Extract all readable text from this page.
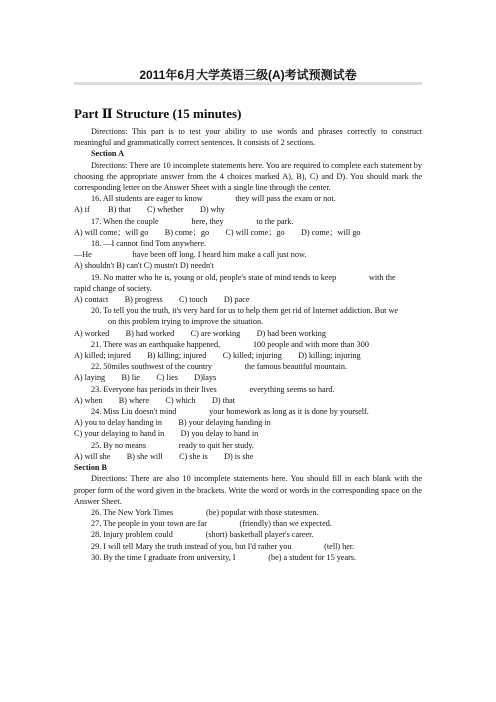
2011年6月大学英语三级(A)考试预测试卷
Part Ⅱ Structure (15 minutes)

Directions: This part is to test your ability to use words and phrases correctly to construct meaningful and grammatically correct sentences. It consists of 2 sections.

Section A

Directions: There are 10 incomplete statements here. You are required to complete each statement by choosing the appropriate answer from the 4 choices marked A), B), C) and D). You should mark the corresponding letter on the Answer Sheet with a single line through the center.

16. All students are eager to know                they will pass the exam or not.

A) if         B) that        C) whether        D) why

17. When the couple                here, they                to the park.

A) will come；will go        B) come；go        C) will come；go        D) come；will go

18. —I cannot find Tom anywhere.

—He                    have been off long. I heard him make a call just now.

A) shouldn't B) can't C) mustn't D) needn't

19. No matter who he is, young or old, people's state of mind tends to keep                with the

rapid change of society.

A) contact        B) progress        C) touch        D) pace

20. To tell you the truth, it's very hard for us to help them get rid of Internet addiction. But we

on this problem trying to improve the situation.

A) worked        B) had worked        C) are working        D) had been working

21. There was an earthquake happened,                100 people and with more than 300

A) killed; injured        B) killing; injured        C) killed; injuring        D) killing; injuring

22. 50miles southwest of the country                the famous beautiful mountain.

A) laying        B) lie        C) lies        D)lays

23. Everyone has periods in their lives                everything seems so hard.

A) when        B) where        C) which        D) that

24. Miss Liu doesn't mind                your homework as long as it is done by yourself.

A) you to delay handing in        B) your delaying handing in

C) your delaying to hand in        D) you delay to hand in

25. By no means                ready to quit her study.

A) will she        B) she will        C) she is        D) is she

Section B

Directions: There are also 10 incomplete statements here. You should fill in each blank with the proper form of the word given in the brackets. Write the word or words in the corresponding space on the Answer Sheet.

26. The New York Times                (be) popular with those statesmen.

27. The people in your town are far                (friendly) than we expected.

28. Injury problem could                (short) basketball player's career.

29. I will tell Mary the truth instead of you, but I'd rather you                (tell) her.

30. By the time I graduate from university, I                (be) a student for 15 years.
